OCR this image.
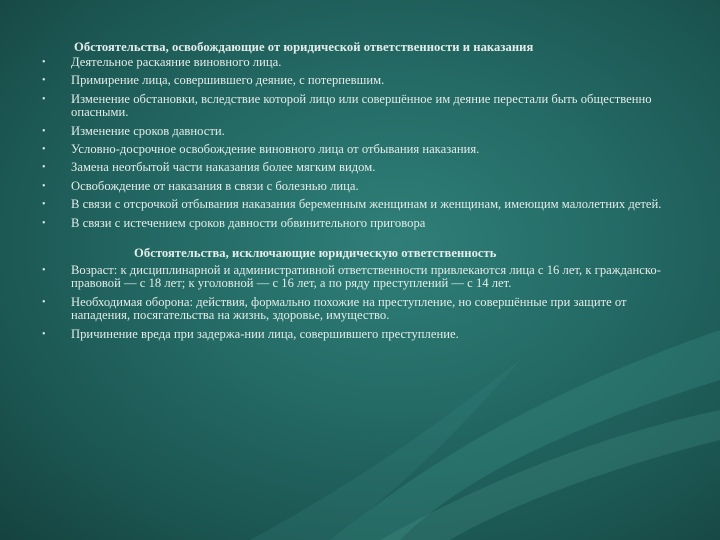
Обстоятельства, освобождающие от юридической ответственности и наказания
• Деятельное раскаяние виновного лица.
• Примирение лица, совершившего деяние, с потерпевшим.
• Изменение обстановки, вследствие которой лицо или совершённое им деяние перестали быть общественно опасными.
• Изменение сроков давности.
• Условно-досрочное освобождение виновного лица от отбывания наказания.
• Замена неотбытой части наказания более мягким видом.
• Освобождение от наказания в связи с болезнью лица.
• В связи с отсрочкой отбывания наказания беременным женщинам и женщинам, имеющим малолетних детей.
• В связи с истечением сроков давности обвинительного приговора
Обстоятельства, исключающие юридическую ответственность
• Возраст: к дисциплинарной и административной ответственности привлекаются лица с 16 лет, к гражданско-правовой — с 18 лет; к уголовной — с 16 лет, а по ряду преступлений — с 14 лет.
• Необходимая оборона: действия, формально похожие на преступление, но совершённые при защите от нападения, посягательства на жизнь, здоровье, имущество.
• Причинение вреда при задержа-нии лица, совершившего преступление.
